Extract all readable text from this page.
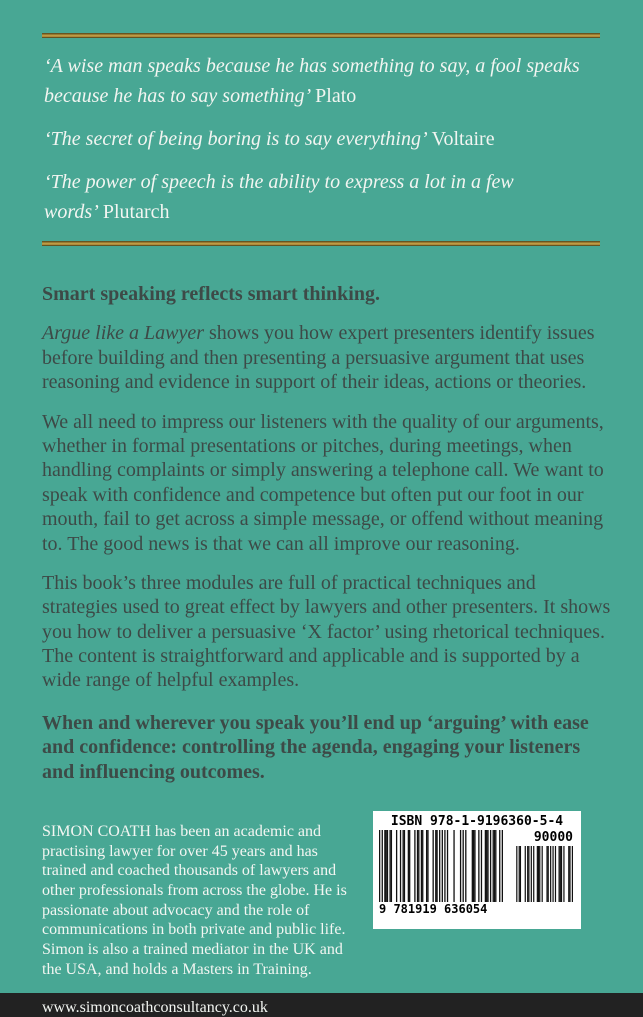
‘A wise man speaks because he has something to say, a fool speaks because he has to say something’ Plato

‘The secret of being boring is to say everything’ Voltaire

‘The power of speech is the ability to express a lot in a few words’ Plutarch

Smart speaking reflects smart thinking.

Argue like a Lawyer shows you how expert presenters identify issues before building and then presenting a persuasive argument that uses reasoning and evidence in support of their ideas, actions or theories.

We all need to impress our listeners with the quality of our arguments, whether in formal presentations or pitches, during meetings, when handling complaints or simply answering a telephone call. We want to speak with confidence and competence but often put our foot in our mouth, fail to get across a simple message, or offend without meaning to. The good news is that we can all improve our reasoning.

This book’s three modules are full of practical techniques and strategies used to great effect by lawyers and other presenters. It shows you how to deliver a persuasive ‘X factor’ using rhetorical techniques. The content is straightforward and applicable and is supported by a wide range of helpful examples.

When and wherever you speak you’ll end up ‘arguing’ with ease and confidence: controlling the agenda, engaging your listeners and influencing outcomes.

SIMON COATH has been an academic and practising lawyer for over 45 years and has trained and coached thousands of lawyers and other professionals from across the globe. He is passionate about advocacy and the role of communications in both private and public life. Simon is also a trained mediator in the UK and the USA, and holds a Masters in Training.
www.simoncoathconsultancy.co.uk
ISBN 978-1-9196360-5-4
9 781919 636054
90000
